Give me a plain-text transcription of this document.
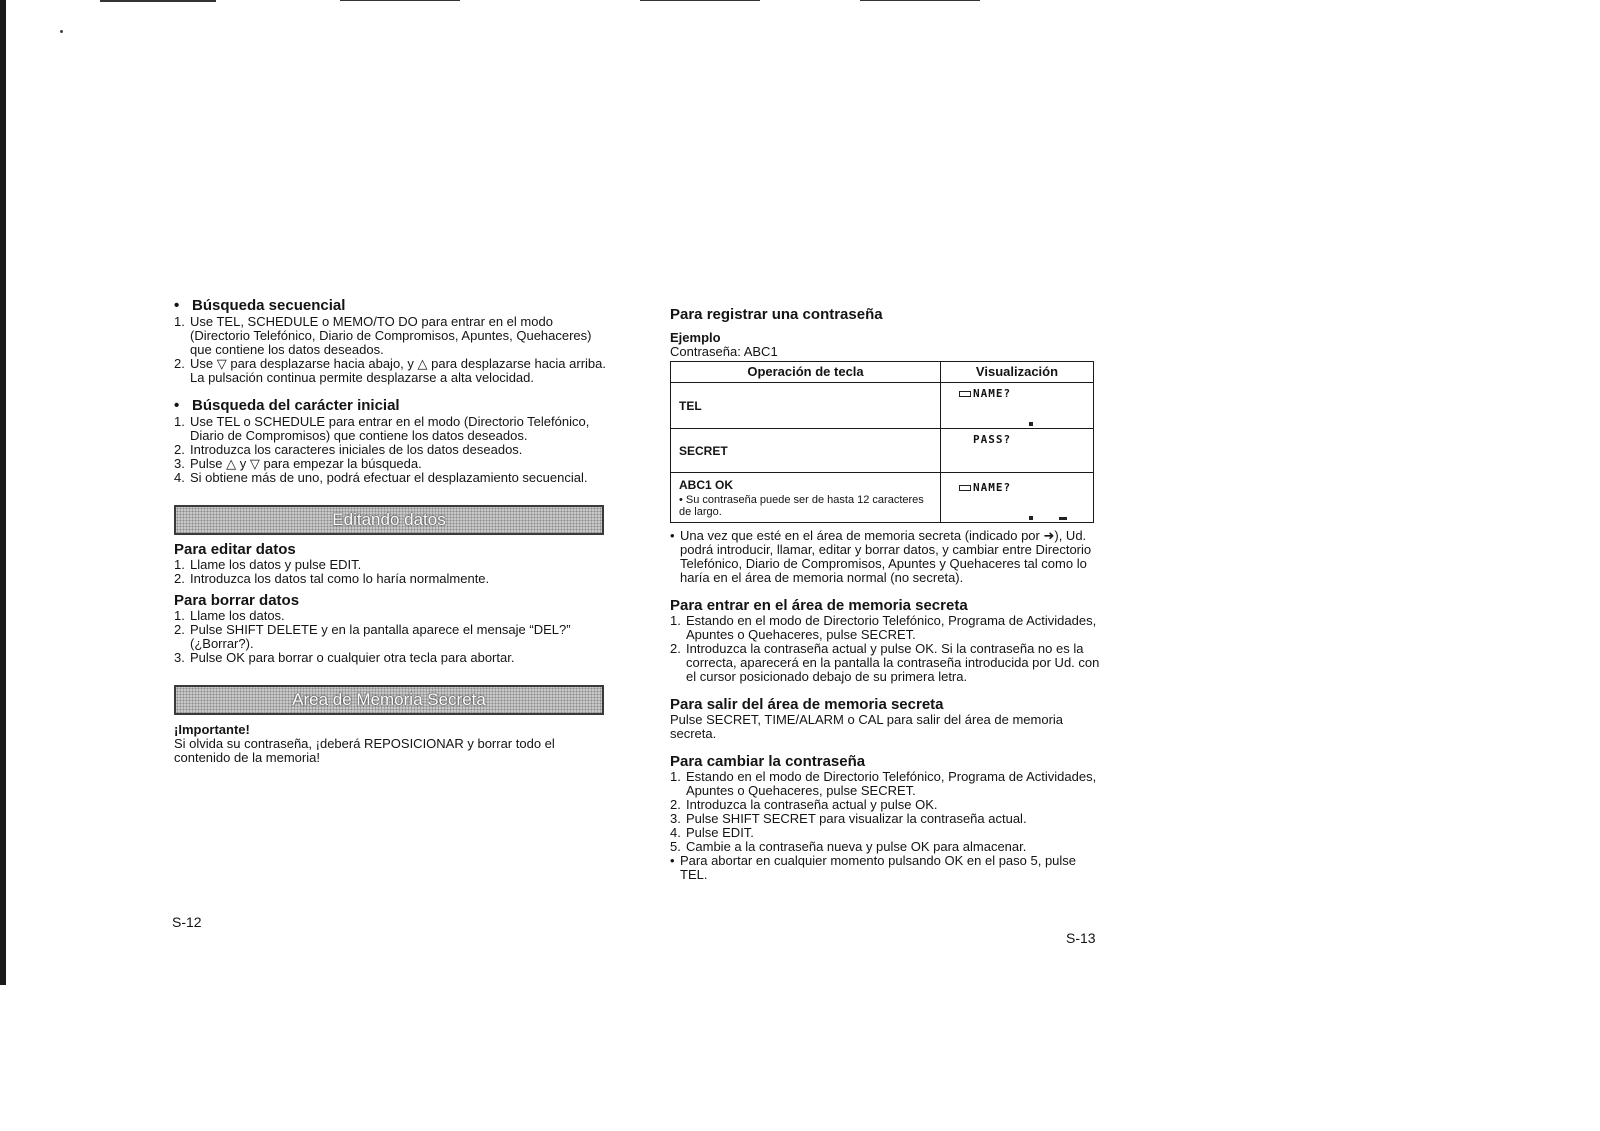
• Búsqueda secuencial
1. Use TEL, SCHEDULE o MEMO/TO DO para entrar en el modo (Directorio Telefónico, Diario de Compromisos, Apuntes, Quehaceres) que contiene los datos deseados.
2. Use ▽ para desplazarse hacia abajo, y △ para desplazarse hacia arriba. La pulsación continua permite desplazarse a alta velocidad.
• Búsqueda del carácter inicial
1. Use TEL o SCHEDULE para entrar en el modo (Directorio Telefónico, Diario de Compromisos) que contiene los datos deseados.
2. Introduzca los caracteres iniciales de los datos deseados.
3. Pulse △ y ▽ para empezar la búsqueda.
4. Si obtiene más de uno, podrá efectuar el desplazamiento secuencial.
Editando datos
Para editar datos
1. Llame los datos y pulse EDIT.
2. Introduzca los datos tal como lo haría normalmente.
Para borrar datos
1. Llame los datos.
2. Pulse SHIFT DELETE y en la pantalla aparece el mensaje “DEL?” (¿Borrar?).
3. Pulse OK para borrar o cualquier otra tecla para abortar.
Area de Memoria Secreta
¡Importante!

Si olvida su contraseña, ¡deberá REPOSICIONAR y borrar todo el contenido de la memoria!

S-12
Para registrar una contraseña
Ejemplo

Contraseña: ABC1

Operación de tecla	Visualización
TEL	NAME?

SECRET	PASS?

ABC1 OK
• Su contraseña puede ser de hasta 12 caracteres de largo.	NAME?
• Una vez que esté en el área de memoria secreta (indicado por ➜), Ud. podrá introducir, llamar, editar y borrar datos, y cambiar entre Directorio Telefónico, Diario de Compromisos, Apuntes y Quehaceres tal como lo haría en el área de memoria normal (no secreta).
Para entrar en el área de memoria secreta
1. Estando en el modo de Directorio Telefónico, Programa de Actividades, Apuntes o Quehaceres, pulse SECRET.
2. Introduzca la contraseña actual y pulse OK. Si la contraseña no es la correcta, aparecerá en la pantalla la contraseña introducida por Ud. con el cursor posicionado debajo de su primera letra.
Para salir del área de memoria secreta

Pulse SECRET, TIME/ALARM o CAL para salir del área de memoria secreta.

Para cambiar la contraseña
1. Estando en el modo de Directorio Telefónico, Programa de Actividades, Apuntes o Quehaceres, pulse SECRET.
2. Introduzca la contraseña actual y pulse OK.
3. Pulse SHIFT SECRET para visualizar la contraseña actual.
4. Pulse EDIT.
5. Cambie a la contraseña nueva y pulse OK para almacenar.
• Para abortar en cualquier momento pulsando OK en el paso 5, pulse TEL.
S-13
